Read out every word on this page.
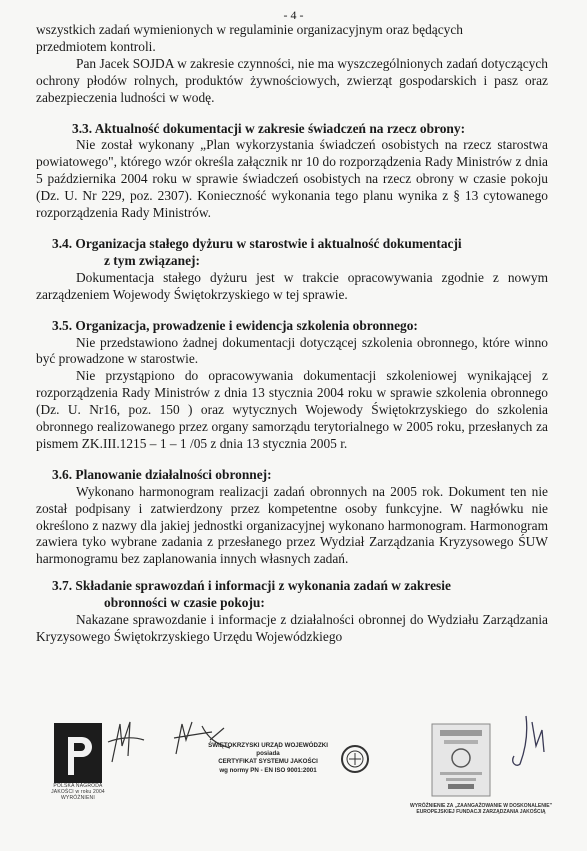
- 4 -

wszystkich zadań wymienionych w regulaminie organizacyjnym oraz będących

przedmiotem kontroli.

Pan Jacek SOJDA w zakresie czynności, nie ma wyszczególnionych zadań dotyczących ochrony płodów rolnych, produktów żywnościowych, zwierząt gospodarskich i pasz oraz zabezpieczenia ludności w wodę.

3.3. Aktualność dokumentacji w zakresie świadczeń na rzecz obrony:

Nie został wykonany „Plan wykorzystania świadczeń osobistych na rzecz starostwa powiatowego", którego wzór określa załącznik nr 10 do rozporządzenia Rady Ministrów z dnia 5 października 2004 roku w sprawie świadczeń osobistych na rzecz obrony w czasie pokoju (Dz. U. Nr 229, poz. 2307). Konieczność wykonania tego planu wynika z § 13 cytowanego rozporządzenia Rady Ministrów.

3.4. Organizacja stałego dyżuru w starostwie i aktualność dokumentacji
z tym związanej:

Dokumentacja stałego dyżuru jest w trakcie opracowywania zgodnie z nowym zarządzeniem Wojewody Świętokrzyskiego w tej sprawie.

3.5. Organizacja, prowadzenie i ewidencja szkolenia obronnego:

Nie przedstawiono żadnej dokumentacji dotyczącej szkolenia obronnego, które winno być prowadzone w starostwie.

Nie przystąpiono do opracowywania dokumentacji szkoleniowej wynikającej z rozporządzenia Rady Ministrów z dnia 13 stycznia 2004 roku w sprawie szkolenia obronnego (Dz. U. Nr16, poz. 150 ) oraz wytycznych Wojewody Świętokrzyskiego do szkolenia obronnego realizowanego przez organy samorządu terytorialnego w 2005 roku, przesłanych za pismem ZK.III.1215 – 1 – 1 /05 z dnia 13 stycznia 2005 r.

3.6. Planowanie działalności obronnej:

Wykonano harmonogram realizacji zadań obronnych na 2005 rok. Dokument ten nie został podpisany i zatwierdzony przez kompetentne osoby funkcyjne. W nagłówku nie określono z nazwy dla jakiej jednostki organizacyjnej wykonano harmonogram. Harmonogram zawiera tyko wybrane zadania z przesłanego przez Wydział Zarządzania Kryzysowego ŚUW harmonogramu bez zaplanowania innych własnych zadań.

3.7. Składanie sprawozdań i informacji z wykonania zadań w zakresie
obronności w czasie pokoju:

Nakazane sprawozdanie i informacje z działalności obronnej do Wydziału Zarządzania Kryzysowego Świętokrzyskiego Urzędu Wojewódzkiego

POLSKA NAGRODA JAKOŚCI w roku 2004 WYRÓŻNIENI
ŚWIĘTOKRZYSKI URZĄD WOJEWÓDZKI
posiada
CERTYFIKAT SYSTEMU JAKOŚCI
wg normy PN - EN ISO 9001:2001
WYRÓŻNIENIE ZA „ZAANGAŻOWANIE W DOSKONALENIE" EUROPEJSKIEJ FUNDACJI ZARZĄDZANIA JAKOŚCIĄ
